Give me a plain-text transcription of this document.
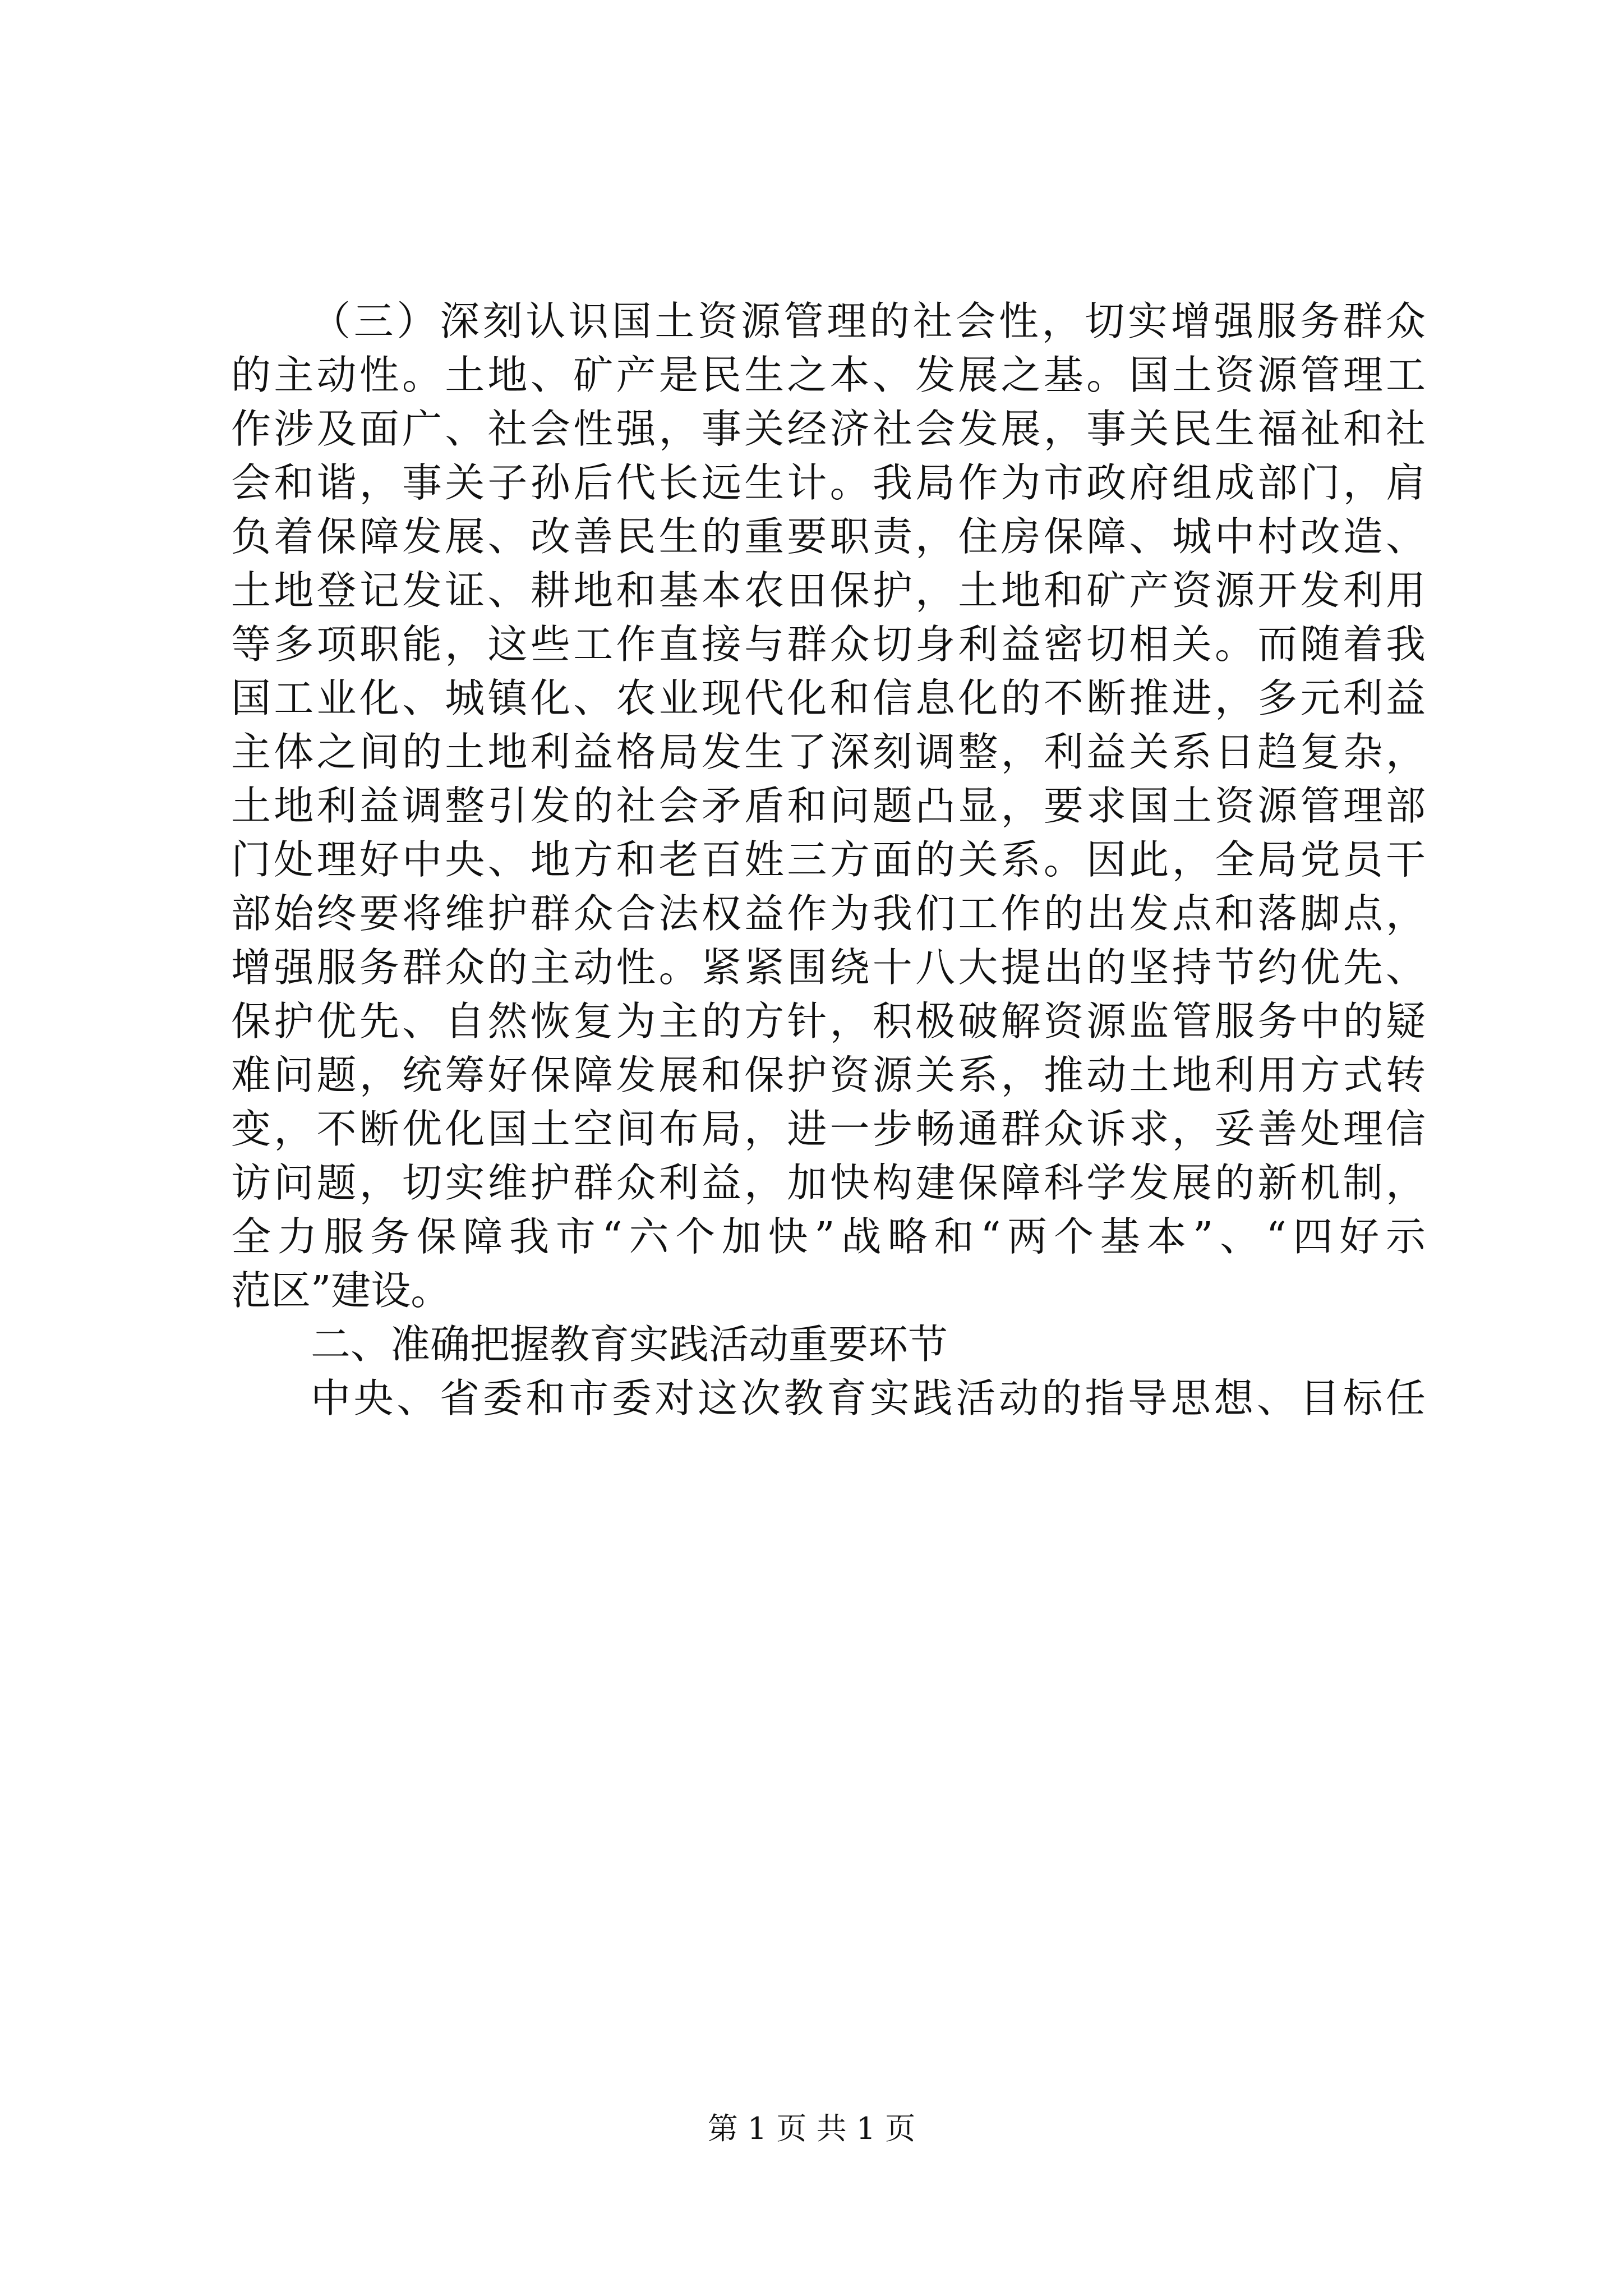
（三）深刻认识国土资源管理的社会性，切实增强服务群众
的主动性。土地、矿产是民生之本、发展之基。国土资源管理工
作涉及面广、社会性强，事关经济社会发展，事关民生福祉和社
会和谐，事关子孙后代长远生计。我局作为市政府组成部门，肩
负着保障发展、改善民生的重要职责，住房保障、城中村改造、
土地登记发证、耕地和基本农田保护，土地和矿产资源开发利用
等多项职能，这些工作直接与群众切身利益密切相关。而随着我
国工业化、城镇化、农业现代化和信息化的不断推进，多元利益
主体之间的土地利益格局发生了深刻调整，利益关系日趋复杂，
土地利益调整引发的社会矛盾和问题凸显，要求国土资源管理部
门处理好中央、地方和老百姓三方面的关系。因此，全局党员干
部始终要将维护群众合法权益作为我们工作的出发点和落脚点，
增强服务群众的主动性。紧紧围绕十八大提出的坚持节约优先、
保护优先、自然恢复为主的方针，积极破解资源监管服务中的疑
难问题，统筹好保障发展和保护资源关系，推动土地利用方式转
变，不断优化国土空间布局，进一步畅通群众诉求，妥善处理信
访问题，切实维护群众利益，加快构建保障科学发展的新机制，
全力服务保障我市“六个加快”战略和“两个基本”、“四好示
范区”建设。
二、准确把握教育实践活动重要环节
中央、省委和市委对这次教育实践活动的指导思想、目标任
第 1 页 共 1 页
